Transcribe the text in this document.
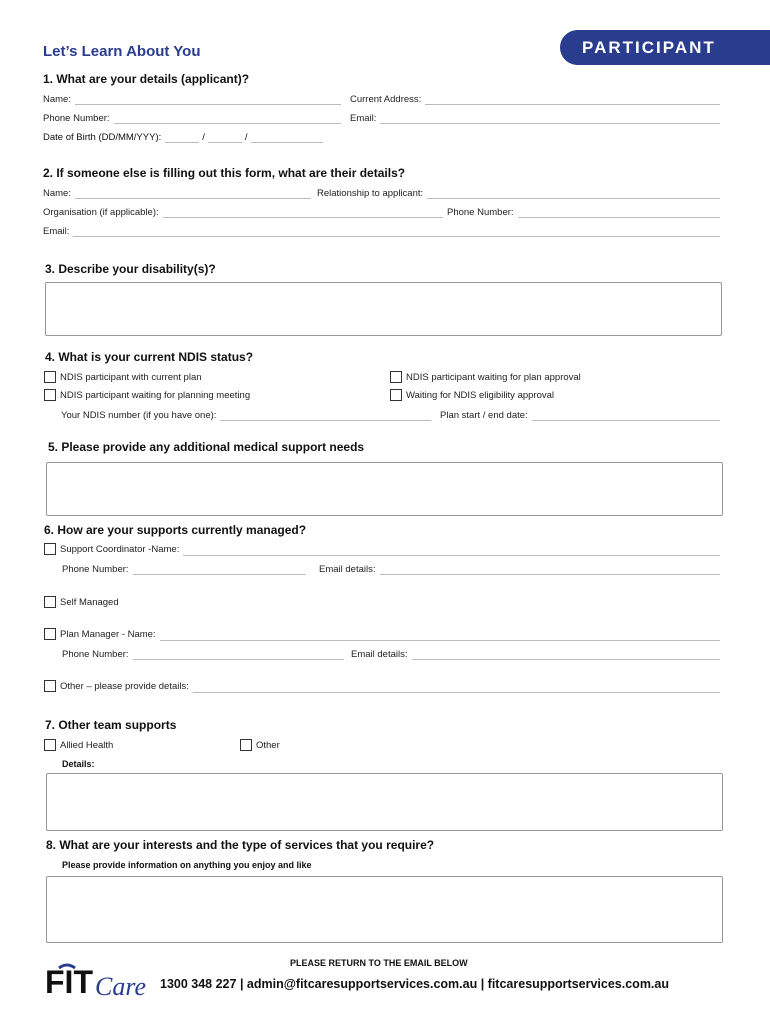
PARTICIPANT
Let’s Learn About You
1. What are your details (applicant)?
Name:	Current Address:
Phone Number:	Email:
Date of Birth (DD/MM/YYY):	/	/
2. If someone else is filling out this form, what are their details?
Name:	Relationship to applicant:
Organisation (if applicable):	Phone Number:
Email:
3. Describe your disability(s)?
4. What is your current NDIS status?
NDIS participant with current plan	NDIS participant waiting for plan approval
NDIS participant waiting for planning meeting	Waiting for NDIS eligibility approval
Your NDIS number (if you have one):	Plan start / end date:
5. Please provide any additional medical support needs
6. How are your supports currently managed?
Support Coordinator -Name:
Phone Number:	Email details:
Self Managed
Plan Manager - Name:
Phone Number:	Email details:
Other – please provide details:
7. Other team supports
Allied Health	Other
Details:
8. What are your interests and the type of services that you require?
Please provide information on anything you enjoy and like
PLEASE RETURN TO THE EMAIL BELOW
FIT Care 1300 348 227 | admin@fitcaresupportservices.com.au | fitcaresupportservices.com.au
